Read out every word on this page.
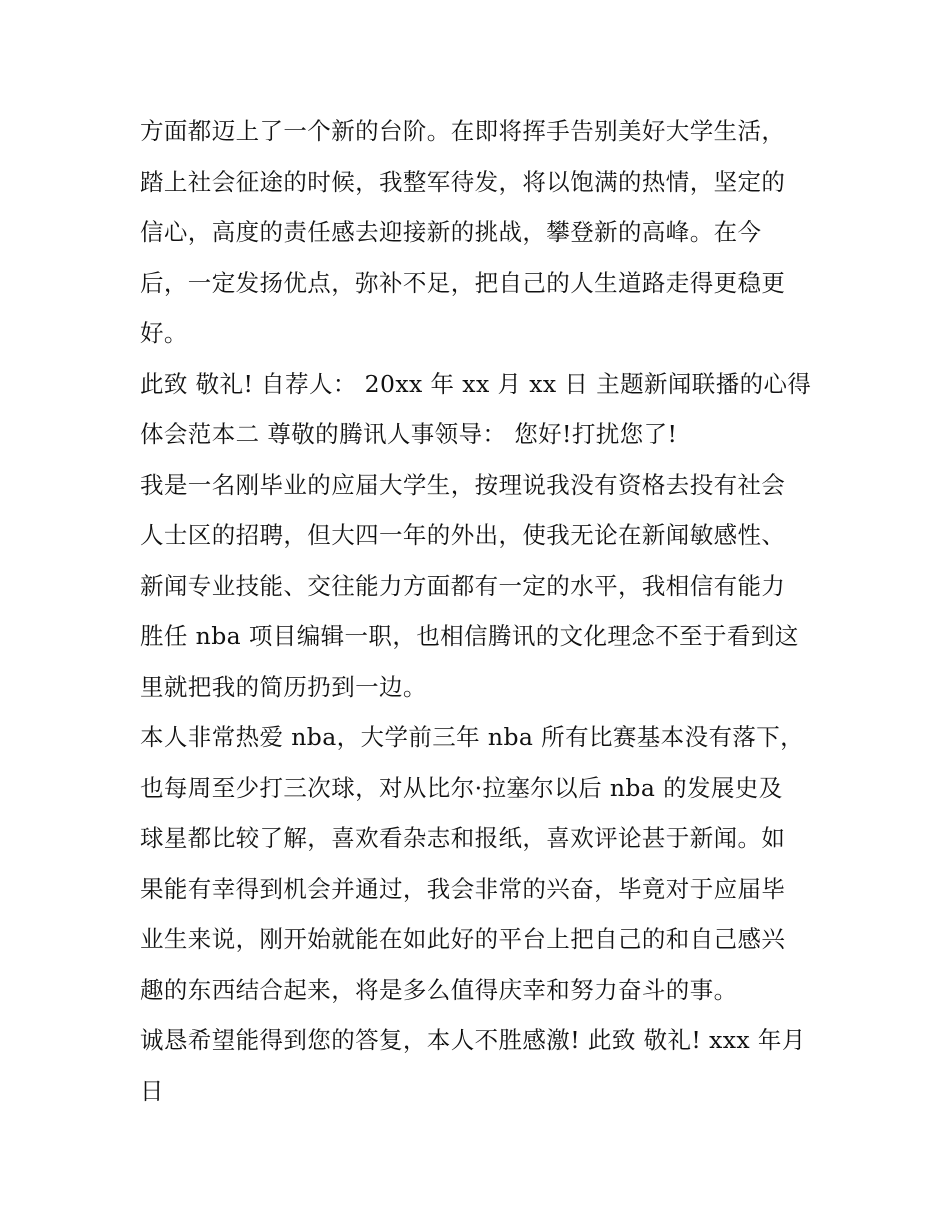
方面都迈上了一个新的台阶。在即将挥手告别美好大学生活，
踏上社会征途的时候，我整军待发，将以饱满的热情，坚定的
信心，高度的责任感去迎接新的挑战，攀登新的高峰。在今
后，一定发扬优点，弥补不足，把自己的人生道路走得更稳更
好。
此致 敬礼! 自荐人： 20xx 年 xx 月 xx 日 主题新闻联播的心得
体会范本二 尊敬的腾讯人事领导： 您好!打扰您了!
我是一名刚毕业的应届大学生，按理说我没有资格去投有社会
人士区的招聘，但大四一年的外出，使我无论在新闻敏感性、
新闻专业技能、交往能力方面都有一定的水平，我相信有能力
胜任 nba 项目编辑一职，也相信腾讯的文化理念不至于看到这
里就把我的简历扔到一边。
本人非常热爱 nba，大学前三年 nba 所有比赛基本没有落下，
也每周至少打三次球，对从比尔·拉塞尔以后 nba 的发展史及
球星都比较了解，喜欢看杂志和报纸，喜欢评论甚于新闻。如
果能有幸得到机会并通过，我会非常的兴奋，毕竟对于应届毕
业生来说，刚开始就能在如此好的平台上把自己的和自己感兴
趣的东西结合起来，将是多么值得庆幸和努力奋斗的事。
诚恳希望能得到您的答复，本人不胜感激! 此致 敬礼! xxx 年月
日
